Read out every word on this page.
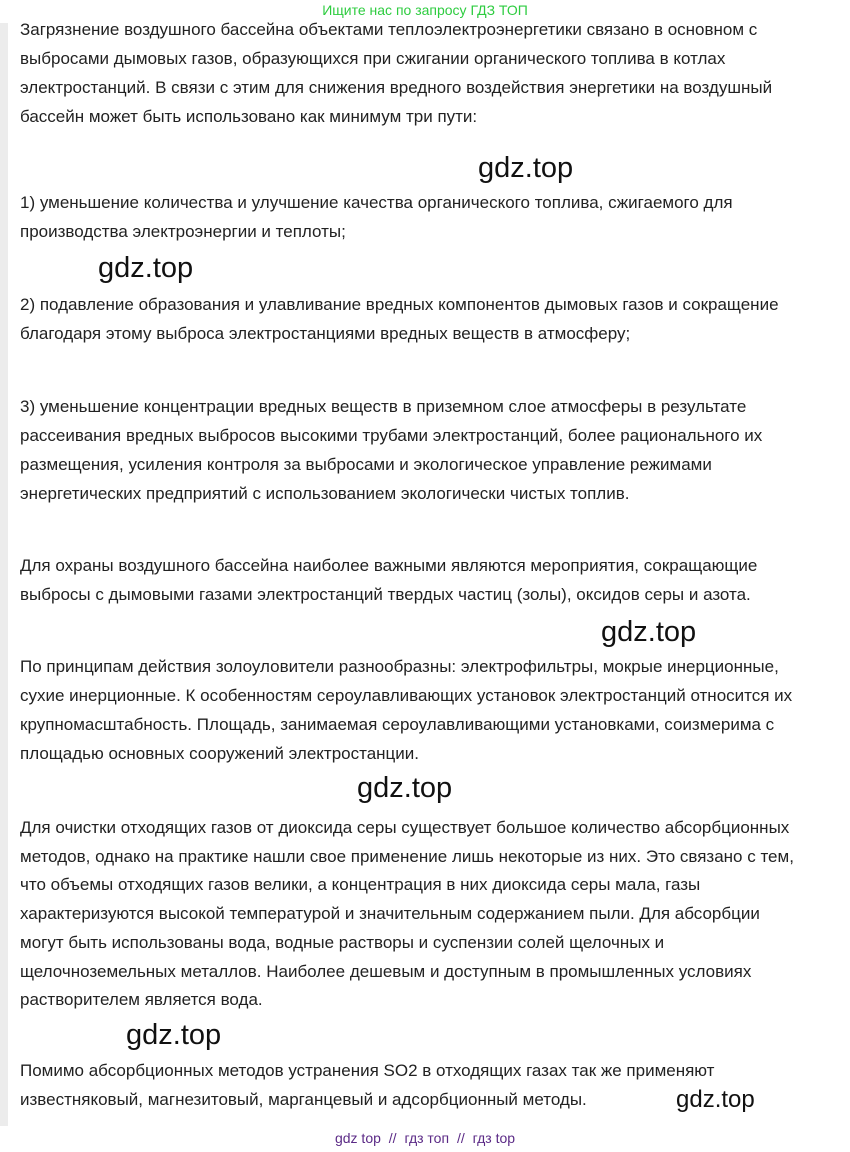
Ищите нас по запросу ГДЗ ТОП
Загрязнение воздушного бассейна объектами теплоэлектроэнергетики связано в основном с
выбросами дымовых газов, образующихся при сжигании органического топлива в котлах
электростанций. В связи с этим для снижения вредного воздействия энергетики на воздушный
бассейн может быть использовано как минимум три пути:
gdz.top
1) уменьшение количества и улучшение качества органического топлива, сжигаемого для
производства электроэнергии и теплоты;
gdz.top
2) подавление образования и улавливание вредных компонентов дымовых газов и сокращение
благодаря этому выброса электростанциями вредных веществ в атмосферу;
3) уменьшение концентрации вредных веществ в приземном слое атмосферы в результате
рассеивания вредных выбросов высокими трубами электростанций, более рационального их
размещения, усиления контроля за выбросами и экологическое управление режимами
энергетических предприятий с использованием экологически чистых топлив.
Для охраны воздушного бассейна наиболее важными являются мероприятия, сокращающие
выбросы с дымовыми газами электростанций твердых частиц (золы), оксидов серы и азота.
gdz.top
По принципам действия золоуловители разнообразны: электрофильтры, мокрые инерционные,
сухие инерционные. К особенностям сероулавливающих установок электростанций относится их
крупномасштабность. Площадь, занимаемая сероулавливающими установками, соизмерима с
площадью основных сооружений электростанции.
gdz.top
Для очистки отходящих газов от диоксида серы существует большое количество абсорбционных
методов, однако на практике нашли свое применение лишь некоторые из них. Это связано с тем,
что объемы отходящих газов велики, а концентрация в них диоксида серы мала, газы
характеризуются высокой температурой и значительным содержанием пыли. Для абсорбции
могут быть использованы вода, водные растворы и суспензии солей щелочных и
щелочноземельных металлов. Наиболее дешевым и доступным в промышленных условиях
растворителем является вода.
gdz.top
Помимо абсорбционных методов устранения SO2 в отходящих газах так же применяют
известняковый, магнезитовый, марганцевый и адсорбционный методы.	gdz.top
gdz top // гдз топ // гдз top
